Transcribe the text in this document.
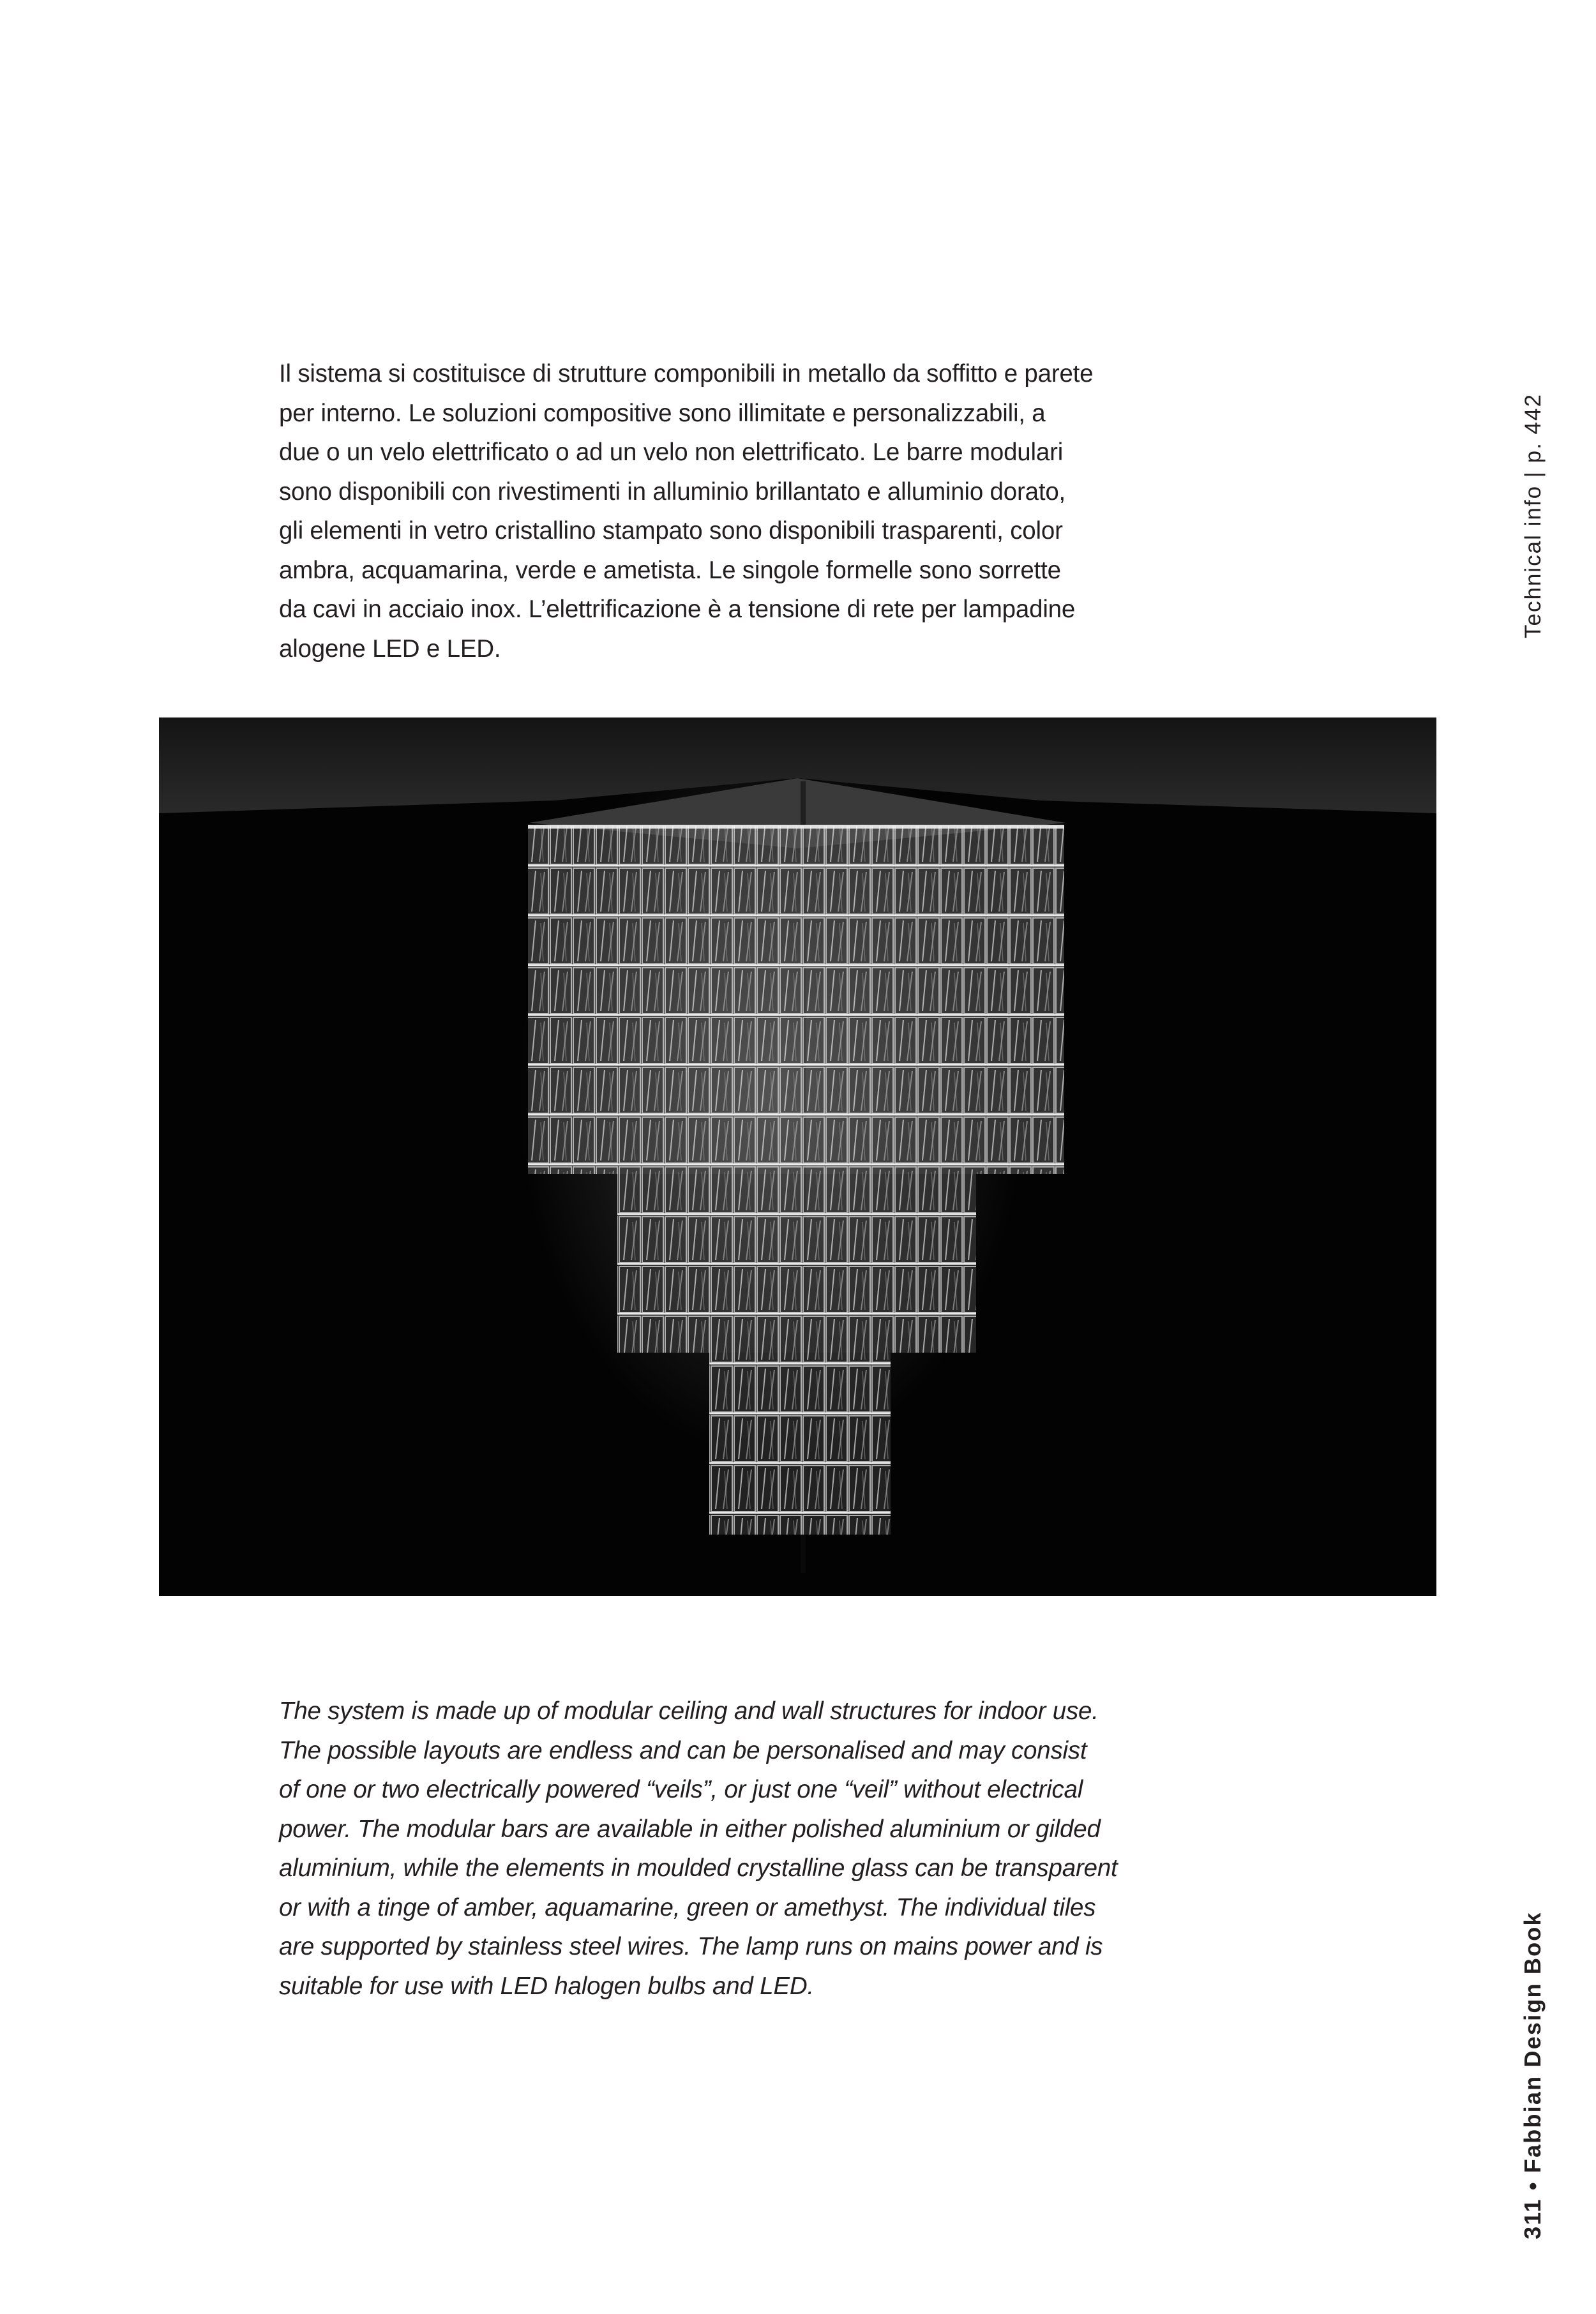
Il sistema si costituisce di strutture componibili in metallo da soffitto e parete
per interno. Le soluzioni compositive sono illimitate e personalizzabili, a
due o un velo elettrificato o ad un velo non elettrificato. Le barre modulari
sono disponibili con rivestimenti in alluminio brillantato e alluminio dorato,
gli elementi in vetro cristallino stampato sono disponibili trasparenti, color
ambra, acquamarina, verde e ametista. Le singole formelle sono sorrette
da cavi in acciaio inox. L’elettrificazione è a tensione di rete per lampadine
alogene LED e LED.
The system is made up of modular ceiling and wall structures for indoor use.
The possible layouts are endless and can be personalised and may consist
of one or two electrically powered “veils”, or just one “veil” without electrical
power. The modular bars are available in either polished aluminium or gilded
aluminium, while the elements in moulded crystalline glass can be transparent
or with a tinge of amber, aquamarine, green or amethyst. The individual tiles
are supported by stainless steel wires. The lamp runs on mains power and is
suitable for use with LED halogen bulbs and LED.
Technical info | p. 442
311 • Fabbian Design Book
